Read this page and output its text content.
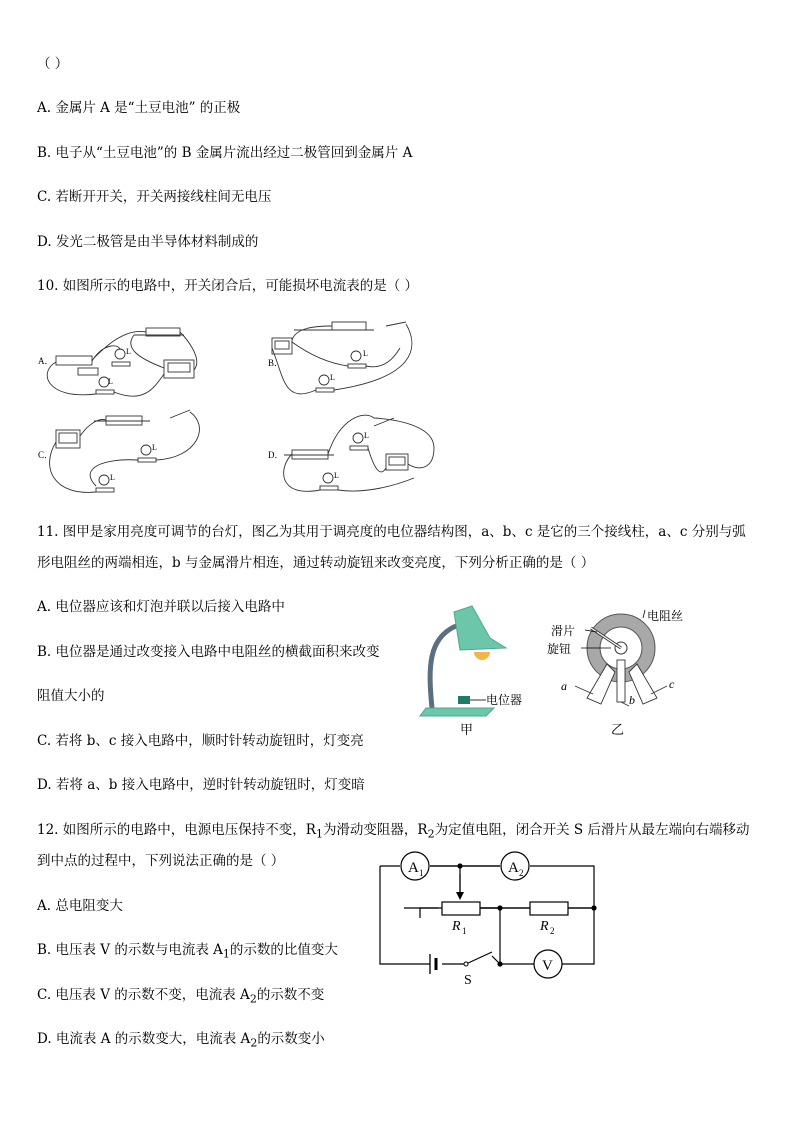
（ ）
A. 金属片 A 是“土豆电池” 的正极
B. 电子从“土豆电池”的 B 金属片流出经过二极管回到金属片 A
C. 若断开开关，开关两接线柱间无电压
D. 发光二极管是由半导体材料制成的
10. 如图所示的电路中，开关闭合后，可能损坏电流表的是（ ）
A．	B．
C．	D．
L
L
L
L
L
L
L
L
11. 图甲是家用亮度可调节的台灯，图乙为其用于调亮度的电位器结构图，a、b、c 是它的三个接线柱，a、c 分别与弧
形电阻丝的两端相连，b 与金属滑片相连，通过转动旋钮来改变亮度，下列分析正确的是（ ）
A. 电位器应该和灯泡并联以后接入电路中
B. 电位器是通过改变接入电路中电阻丝的横截面积来改变
阻值大小的
C. 若将 b、c 接入电路中，顺时针转动旋钮时，灯变亮
D. 若将 a、b 接入电路中，逆时针转动旋钮时，灯变暗
电位器
甲
电阻丝
滑片
旋钮
a
b
c
乙
12. 如图所示的电路中，电源电压保持不变，$R_1$为滑动变阻器，$R_2$为定值电阻，闭合开关 S 后滑片从最左端向右端移动
到中点的过程中，下列说法正确的是（ ）
A. 总电阻变大
B. 电压表 V 的示数与电流表 $A_1$的示数的比值变大
C. 电压表 V 的示数不变，电流表 $A_2$的示数不变
D. 电流表 A 的示数变大，电流表 $A_2$的示数变小
A 1	A 2
V
R 1	R 2
S
